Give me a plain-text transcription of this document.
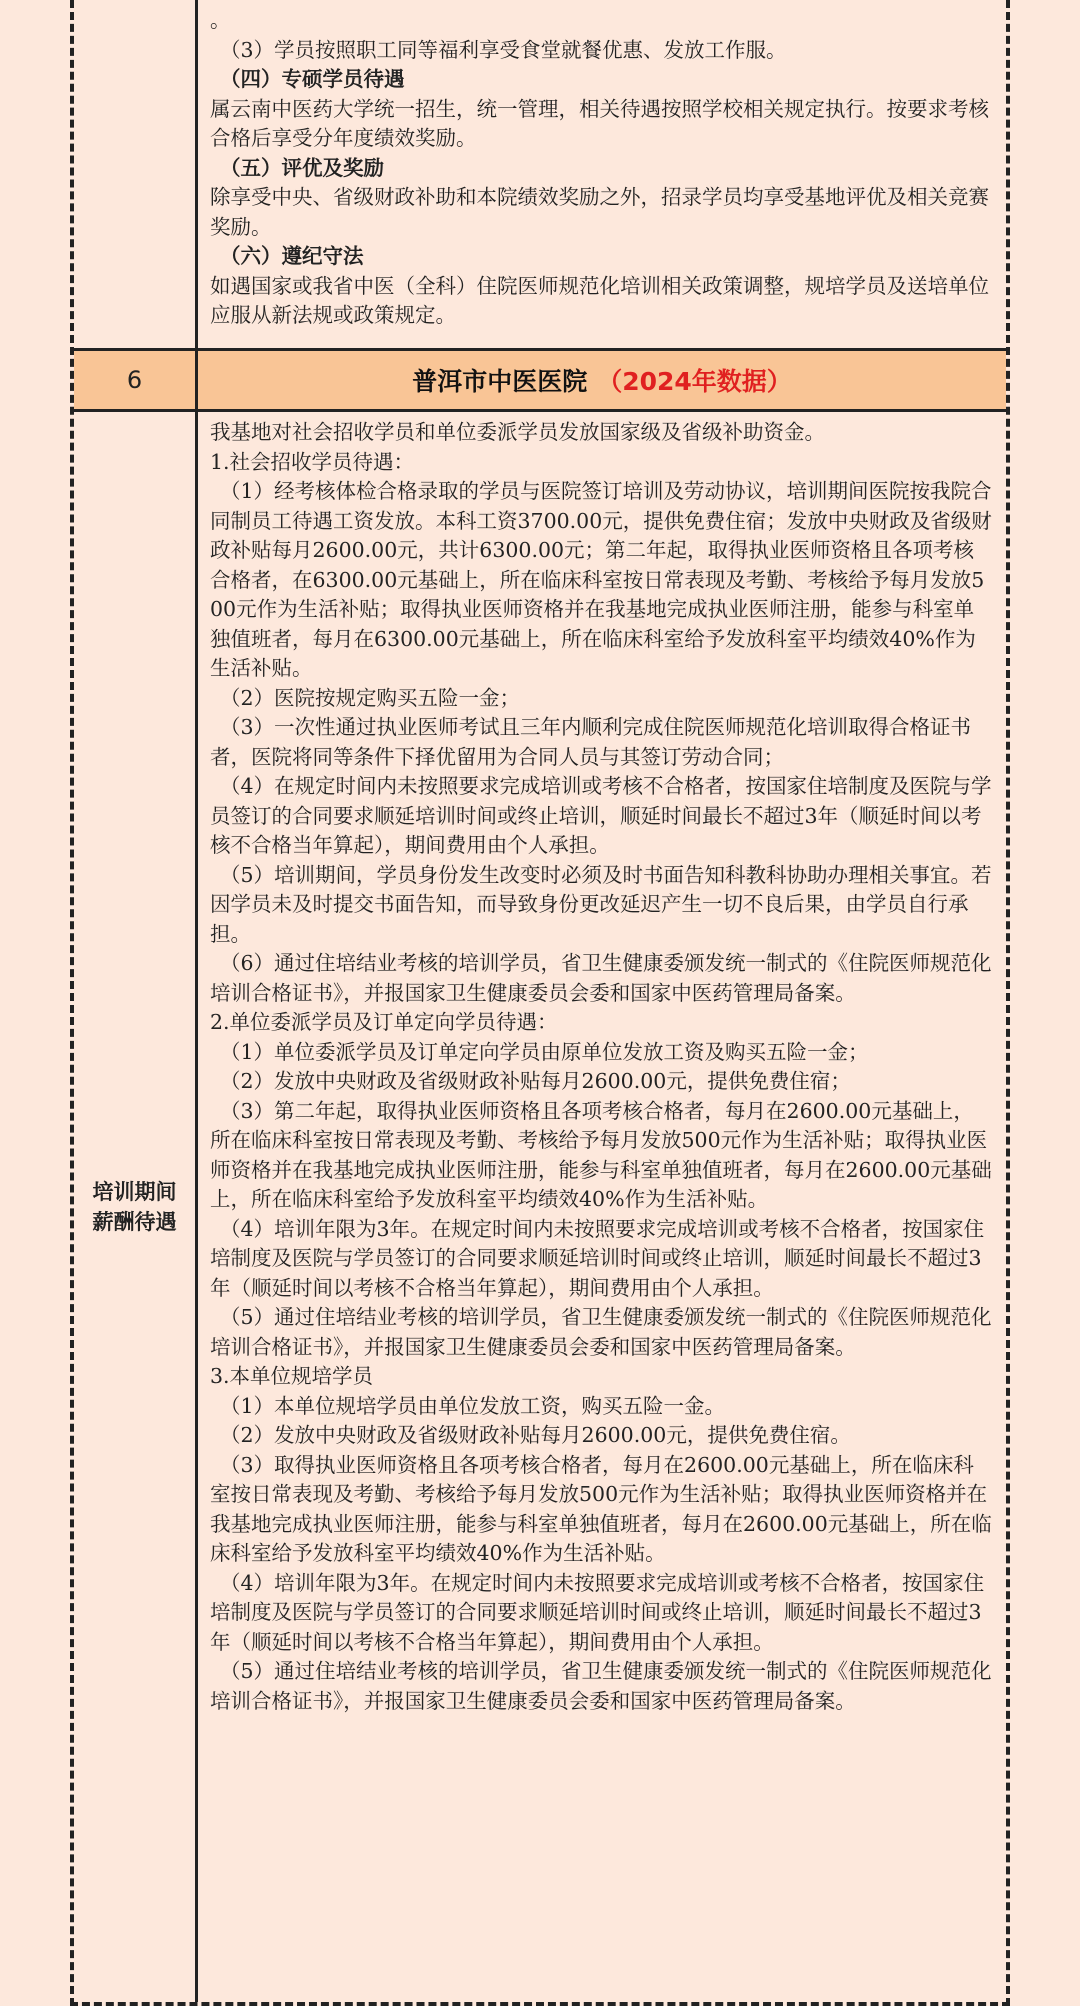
。

（3）学员按照职工同等福利享受食堂就餐优惠、发放工作服。

（四）专硕学员待遇

属云南中医药大学统一招生，统一管理，相关待遇按照学校相关规定执行。按要求考核合格后享受分年度绩效奖励。

（五）评优及奖励

除享受中央、省级财政补助和本院绩效奖励之外，招录学员均享受基地评优及相关竞赛奖励。

（六）遵纪守法

如遇国家或我省中医（全科）住院医师规范化培训相关政策调整，规培学员及送培单位应服从新法规或政策规定。

6	普洱市中医医院 （2024年数据）
培训期间薪酬待遇

我基地对社会招收学员和单位委派学员发放国家级及省级补助资金。

1.社会招收学员待遇：

（1）经考核体检合格录取的学员与医院签订培训及劳动协议，培训期间医院按我院合同制员工待遇工资发放。本科工资3700.00元，提供免费住宿；发放中央财政及省级财政补贴每月2600.00元，共计6300.00元；第二年起，取得执业医师资格且各项考核合格者，在6300.00元基础上，所在临床科室按日常表现及考勤、考核给予每月发放500元作为生活补贴；取得执业医师资格并在我基地完成执业医师注册，能参与科室单独值班者，每月在6300.00元基础上，所在临床科室给予发放科室平均绩效40%作为生活补贴。

（2）医院按规定购买五险一金；

（3）一次性通过执业医师考试且三年内顺利完成住院医师规范化培训取得合格证书者，医院将同等条件下择优留用为合同人员与其签订劳动合同；

（4）在规定时间内未按照要求完成培训或考核不合格者，按国家住培制度及医院与学员签订的合同要求顺延培训时间或终止培训，顺延时间最长不超过3年（顺延时间以考核不合格当年算起），期间费用由个人承担。

（5）培训期间，学员身份发生改变时必须及时书面告知科教科协助办理相关事宜。若因学员未及时提交书面告知，而导致身份更改延迟产生一切不良后果，由学员自行承担。

（6）通过住培结业考核的培训学员，省卫生健康委颁发统一制式的《住院医师规范化培训合格证书》，并报国家卫生健康委员会委和国家中医药管理局备案。

2.单位委派学员及订单定向学员待遇：

（1）单位委派学员及订单定向学员由原单位发放工资及购买五险一金；

（2）发放中央财政及省级财政补贴每月2600.00元，提供免费住宿；

（3）第二年起，取得执业医师资格且各项考核合格者，每月在2600.00元基础上，所在临床科室按日常表现及考勤、考核给予每月发放500元作为生活补贴；取得执业医师资格并在我基地完成执业医师注册，能参与科室单独值班者，每月在2600.00元基础上，所在临床科室给予发放科室平均绩效40%作为生活补贴。

（4）培训年限为3年。在规定时间内未按照要求完成培训或考核不合格者，按国家住培制度及医院与学员签订的合同要求顺延培训时间或终止培训，顺延时间最长不超过3年（顺延时间以考核不合格当年算起），期间费用由个人承担。

（5）通过住培结业考核的培训学员，省卫生健康委颁发统一制式的《住院医师规范化培训合格证书》，并报国家卫生健康委员会委和国家中医药管理局备案。

3.本单位规培学员

（1）本单位规培学员由单位发放工资，购买五险一金。

（2）发放中央财政及省级财政补贴每月2600.00元，提供免费住宿。

（3）取得执业医师资格且各项考核合格者，每月在2600.00元基础上，所在临床科室按日常表现及考勤、考核给予每月发放500元作为生活补贴；取得执业医师资格并在我基地完成执业医师注册，能参与科室单独值班者，每月在2600.00元基础上，所在临床科室给予发放科室平均绩效40%作为生活补贴。

（4）培训年限为3年。在规定时间内未按照要求完成培训或考核不合格者，按国家住培制度及医院与学员签订的合同要求顺延培训时间或终止培训，顺延时间最长不超过3年（顺延时间以考核不合格当年算起），期间费用由个人承担。

（5）通过住培结业考核的培训学员，省卫生健康委颁发统一制式的《住院医师规范化培训合格证书》，并报国家卫生健康委员会委和国家中医药管理局备案。
